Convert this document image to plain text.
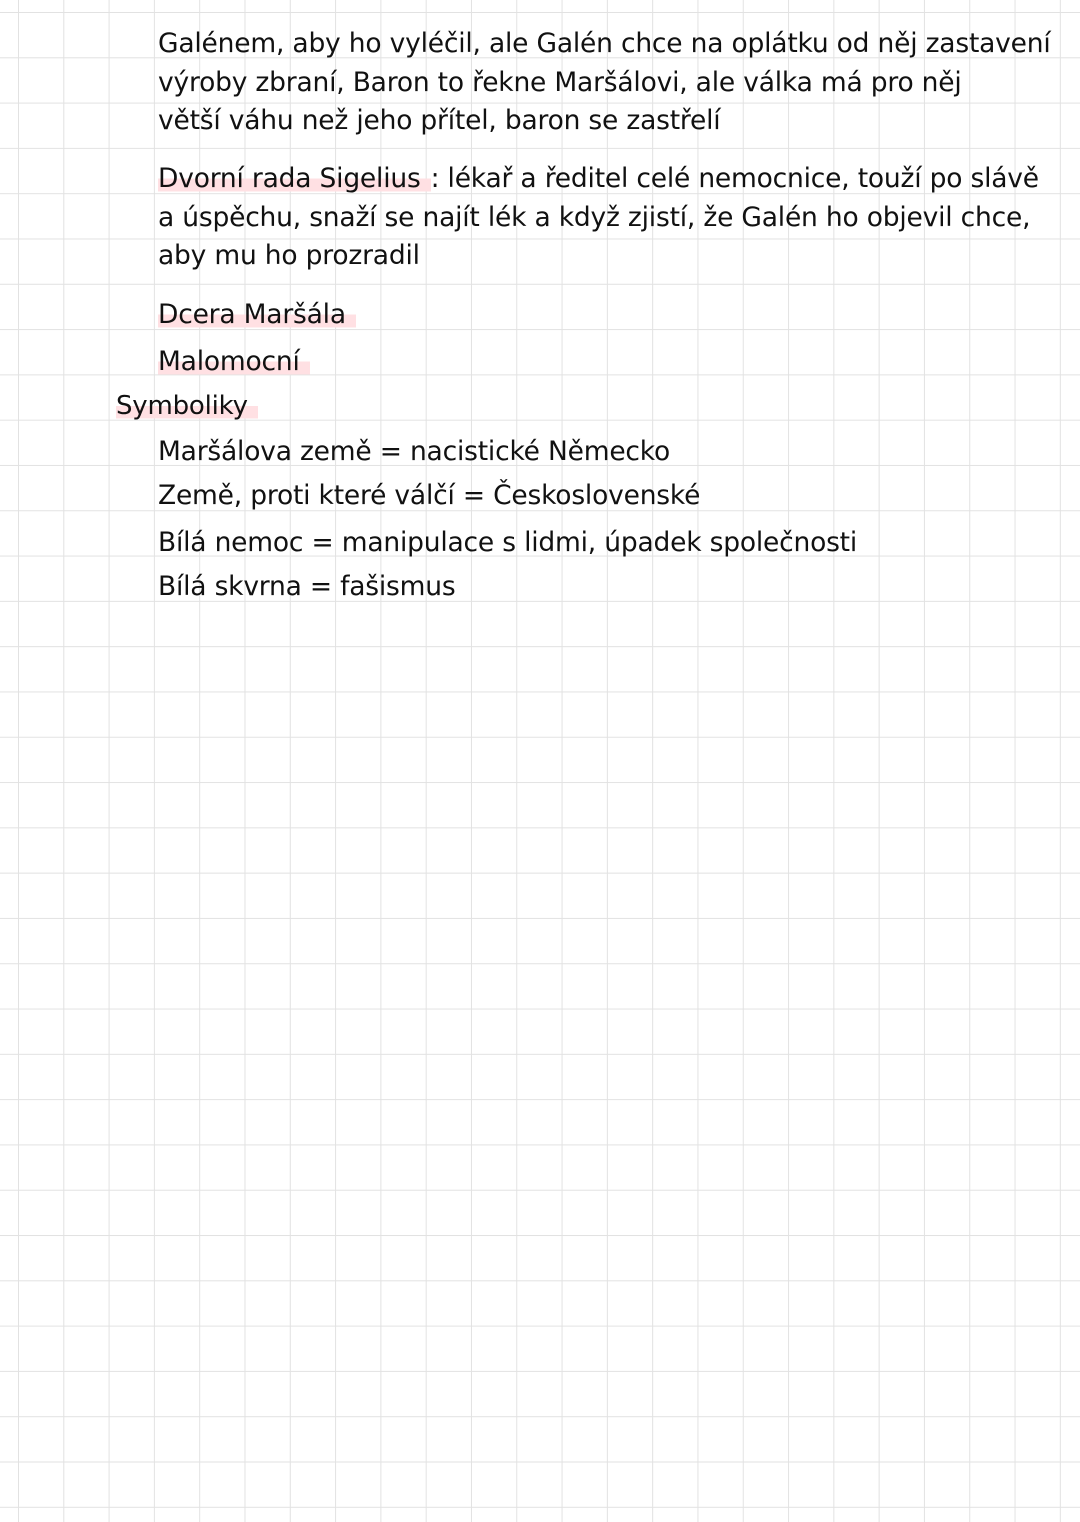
Galénem, aby ho vyléčil, ale Galén chce na oplátku od něj zastavení
výroby zbraní, Baron to řekne Maršálovi, ale válka má pro něj
větší váhu než jeho přítel, baron se zastřelí
Dvorní rada Sigelius : lékař a ředitel celé nemocnice, touží po slávě
a úspěchu, snaží se najít lék a když zjistí, že Galén ho objevil chce,
aby mu ho prozradil
Dcera Maršála
Malomocní
Symboliky
Maršálova země = nacistické Německo
Země, proti které válčí = Československé
Bílá nemoc = manipulace s lidmi, úpadek společnosti
Bílá skvrna = fašismus
